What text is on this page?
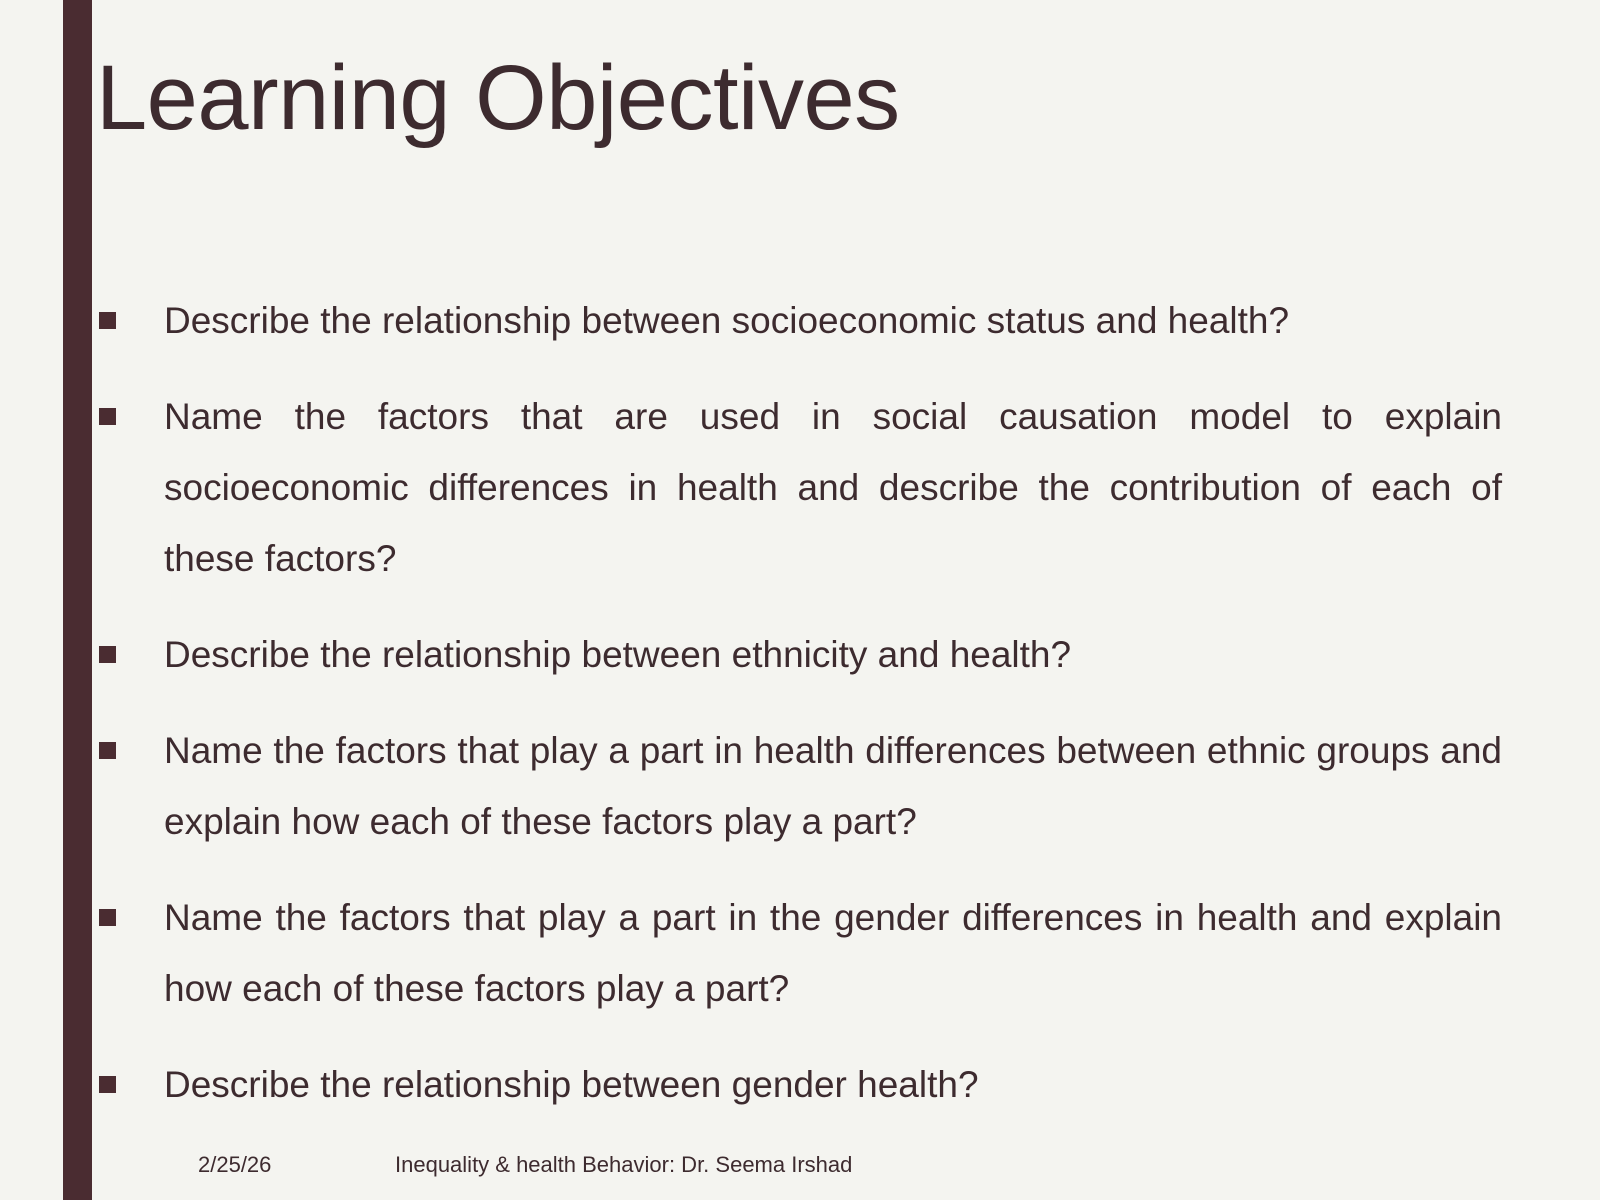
Learning Objectives
Describe the relationship between socioeconomic status and health?
Name the factors that are used in social causation model to explain socioeconomic differences in health and describe the contribution of each of these factors?
Describe the relationship between ethnicity and health?
Name the factors that play a part in health differences between ethnic groups and explain how each of these factors play a part?
Name the factors that play a part in the gender differences in health and explain how each of these factors play a part?
Describe the relationship between gender health?
2/25/26	Inequality & health Behavior: Dr. Seema Irshad
